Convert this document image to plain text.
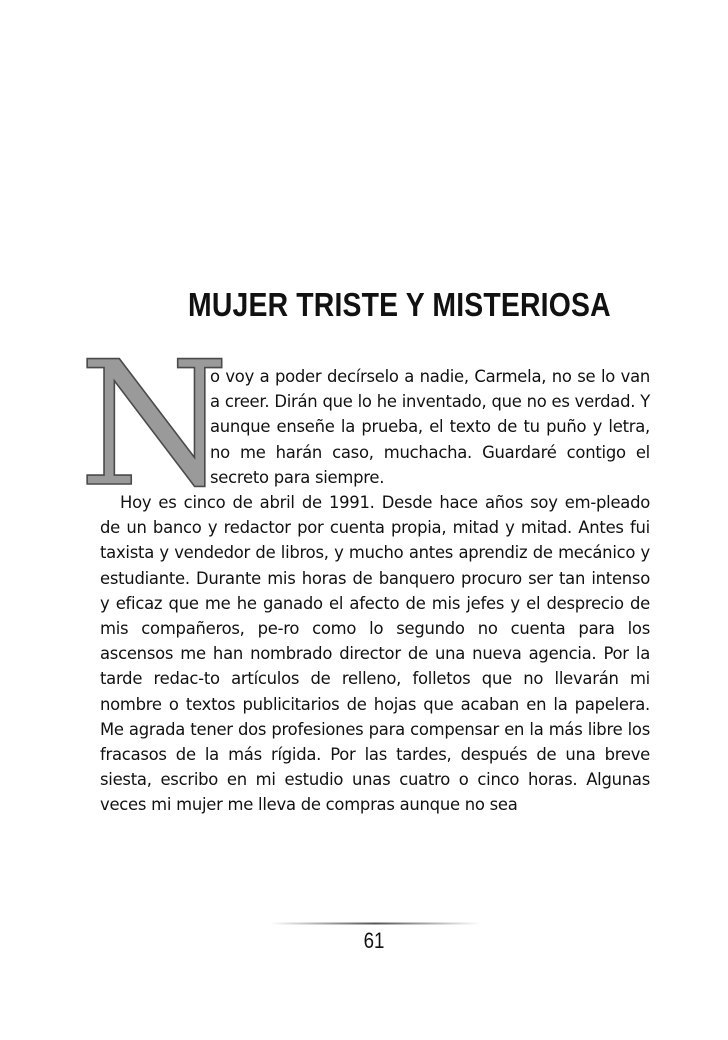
MUJER TRISTE Y MISTERIOSA
N

o voy a poder decírselo a nadie, Carmela, no se lo van a creer. Dirán que lo he inventado, que no es verdad. Y aunque enseñe la prueba, el texto de tu puño y letra, no me harán caso, muchacha. Guardaré contigo el secreto para siempre.

Hoy es cinco de abril de 1991. Desde hace años soy em-pleado de un banco y redactor por cuenta propia, mitad y mitad. Antes fui taxista y vendedor de libros, y mucho antes aprendiz de mecánico y estudiante. Durante mis horas de banquero procuro ser tan intenso y eficaz que me he ganado el afecto de mis jefes y el desprecio de mis compañeros, pe-ro como lo segundo no cuenta para los ascensos me han nombrado director de una nueva agencia. Por la tarde redac-to artículos de relleno, folletos que no llevarán mi nombre o textos publicitarios de hojas que acaban en la papelera. Me agrada tener dos profesiones para compensar en la más libre los fracasos de la más rígida. Por las tardes, después de una breve siesta, escribo en mi estudio unas cuatro o cinco horas. Algunas veces mi mujer me lleva de compras aunque no sea

61
